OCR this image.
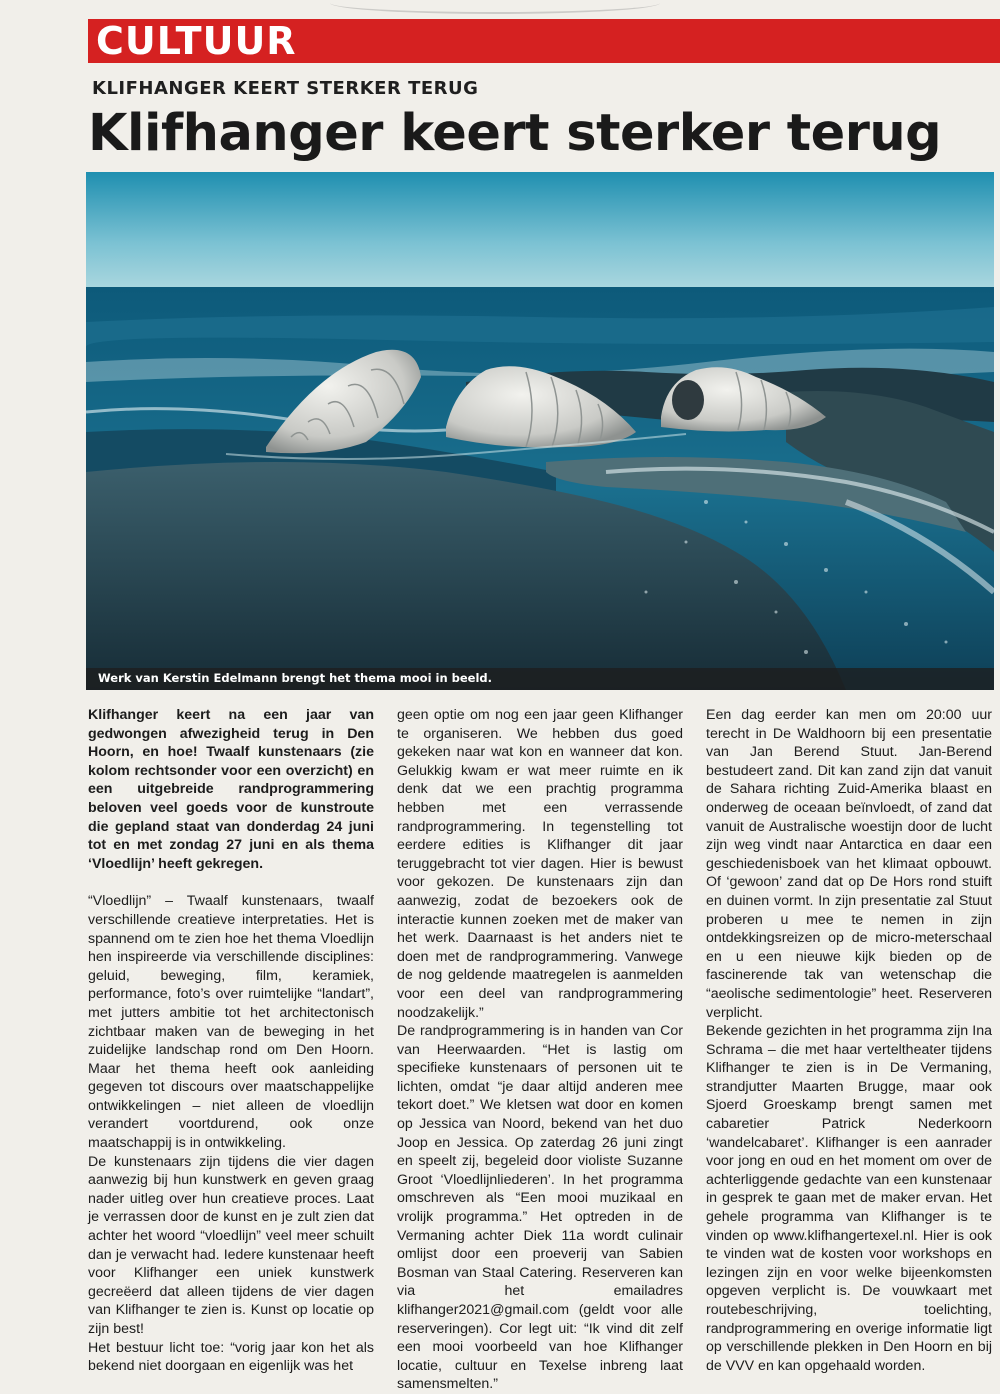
CULTUUR
KLIFHANGER KEERT STERKER TERUG
Klifhanger keert sterker terug
Werk van Kerstin Edelmann brengt het thema mooi in beeld.
Foto: Kerstin Edelmann

Klifhanger keert na een jaar van gedwongen afwezigheid terug in Den Hoorn, en hoe! Twaalf kunstenaars (zie kolom rechtsonder voor een overzicht) en een uitgebreide randprogrammering beloven veel goeds voor de kunstroute die gepland staat van donderdag 24 juni tot en met zondag 27 juni en als thema ‘Vloedlijn’ heeft gekregen.

“Vloedlijn” – Twaalf kunstenaars, twaalf verschillende creatieve interpretaties. Het is spannend om te zien hoe het thema Vloedlijn hen inspireerde via verschillende disciplines: geluid, beweging, film, keramiek, performance, foto’s over ruimtelijke “landart”, met jutters ambitie tot het architectonisch zichtbaar maken van de beweging in het zuidelijke landschap rond om Den Hoorn. Maar het thema heeft ook aanleiding gegeven tot discours over maatschappelijke ontwikkelingen – niet alleen de vloedlijn verandert voortdurend, ook onze maatschappij is in ontwikkeling.

De kunstenaars zijn tijdens die vier dagen aanwezig bij hun kunstwerk en geven graag nader uitleg over hun creatieve proces. Laat je verrassen door de kunst en je zult zien dat achter het woord “vloedlijn” veel meer schuilt dan je verwacht had. Iedere kunstenaar heeft voor Klifhanger een uniek kunstwerk gecreëerd dat alleen tijdens de vier dagen van Klifhanger te zien is. Kunst op locatie op zijn best!

Het bestuur licht toe: “vorig jaar kon het als bekend niet doorgaan en eigenlijk was het

geen optie om nog een jaar geen Klifhanger te organiseren. We hebben dus goed gekeken naar wat kon en wanneer dat kon. Gelukkig kwam er wat meer ruimte en ik denk dat we een prachtig programma hebben met een verrassende randprogrammering. In tegenstelling tot eerdere edities is Klifhanger dit jaar teruggebracht tot vier dagen. Hier is bewust voor gekozen. De kunstenaars zijn dan aanwezig, zodat de bezoekers ook de interactie kunnen zoeken met de maker van het werk. Daarnaast is het anders niet te doen met de randprogrammering. Vanwege de nog geldende maatregelen is aanmelden voor een deel van randprogrammering noodzakelijk.”

De randprogrammering is in handen van Cor van Heerwaarden. “Het is lastig om specifieke kunstenaars of personen uit te lichten, omdat “je daar altijd anderen mee tekort doet.” We kletsen wat door en komen op Jessica van Noord, bekend van het duo Joop en Jessica. Op zaterdag 26 juni zingt en speelt zij, begeleid door violiste Suzanne Groot ‘Vloedlijnliederen’. In het programma omschreven als “Een mooi muzikaal en vrolijk programma.” Het optreden in de Vermaning achter Diek 11a wordt culinair omlijst door een proeverij van Sabien Bosman van Staal Catering. Reserveren kan via het emailadres klifhanger2021@gmail.com (geldt voor alle reserveringen). Cor legt uit: “Ik vind dit zelf een mooi voorbeeld van hoe Klifhanger locatie, cultuur en Texelse inbreng laat samensmelten.”

Een dag eerder kan men om 20:00 uur terecht in De Waldhoorn bij een presentatie van Jan Berend Stuut. Jan-Berend bestudeert zand. Dit kan zand zijn dat vanuit de Sahara richting Zuid-Amerika blaast en onderweg de oceaan beïnvloedt, of zand dat vanuit de Australische woestijn door de lucht zijn weg vindt naar Antarctica en daar een geschiedenisboek van het klimaat opbouwt. Of ‘gewoon’ zand dat op De Hors rond stuift en duinen vormt. In zijn presentatie zal Stuut proberen u mee te nemen in zijn ontdekkingsreizen op de micro-meterschaal en u een nieuwe kijk bieden op de fascinerende tak van wetenschap die “aeolische sedimentologie” heet. Reserveren verplicht.

Bekende gezichten in het programma zijn Ina Schrama – die met haar verteltheater tijdens Klifhanger te zien is in De Vermaning, strandjutter Maarten Brugge, maar ook Sjoerd Groeskamp brengt samen met cabaretier Patrick Nederkoorn ‘wandelcabaret’. Klifhanger is een aanrader voor jong en oud en het moment om over de achterliggende gedachte van een kunstenaar in gesprek te gaan met de maker ervan. Het gehele programma van Klifhanger is te vinden op www.klifhangertexel.nl. Hier is ook te vinden wat de kosten voor workshops en lezingen zijn en voor welke bijeenkomsten opgeven verplicht is. De vouwkaart met routebeschrijving, toelichting, randprogrammering en overige informatie ligt op verschillende plekken in Den Hoorn en bij de VVV en kan opgehaald worden.
